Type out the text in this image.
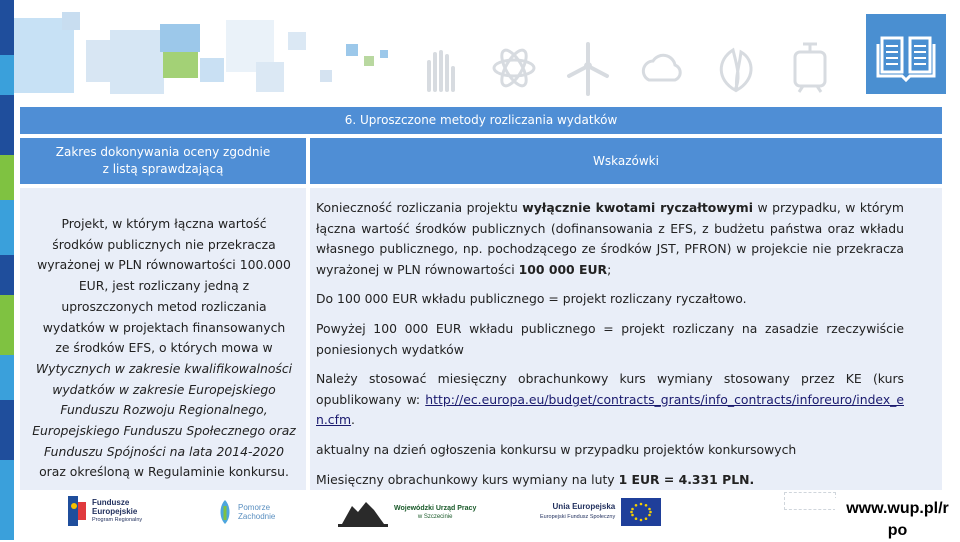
6. Uproszczone metody rozliczania wydatków
Zakres dokonywania oceny zgodnie
z listą sprawdzającą
Wskazówki
Projekt, w którym łączna wartość
środków publicznych nie przekracza
wyrażonej w PLN równowartości 100.000
EUR, jest rozliczany jedną z
uproszczonych metod rozliczania
wydatków w projektach finansowanych
ze środków EFS, o których mowa w
Wytycznych w zakresie kwalifikowalności
wydatków w zakresie Europejskiego
Funduszu Rozwoju Regionalnego,
Europejskiego Funduszu Społecznego oraz
Funduszu Spójności na lata 2014-2020
oraz określoną w Regulaminie konkursu.

Konieczność rozliczania projektu wyłącznie kwotami ryczałtowymi w przypadku, w którym łączna wartość środków publicznych (dofinansowania z EFS, z budżetu państwa oraz wkładu własnego publicznego, np. pochodzącego ze środków JST, PFRON) w projekcie nie przekracza wyrażonej w PLN równowartości 100 000 EUR;

Do 100 000 EUR wkładu publicznego = projekt rozliczany ryczałtowo.

Powyżej 100 000 EUR wkładu publicznego = projekt rozliczany na zasadzie rzeczywiście poniesionych wydatków

Należy stosować miesięczny obrachunkowy kurs wymiany stosowany przez KE (kurs opublikowany w: http://ec.europa.eu/budget/contracts_grants/info_contracts/inforeuro/index_en.cfm.

aktualny na dzień ogłoszenia konkursu w przypadku projektów konkursowych

Miesięczny obrachunkowy kurs wymiany na luty 1 EUR = 4.331 PLN.

Fundusze
Europejskie
Program Regionalny
Pomorze
Zachodnie
Wojewódzki Urząd Pracy
w Szczecinie
Unia Europejska
Europejski Fundusz Społeczny	www.wup.pl/r
po
